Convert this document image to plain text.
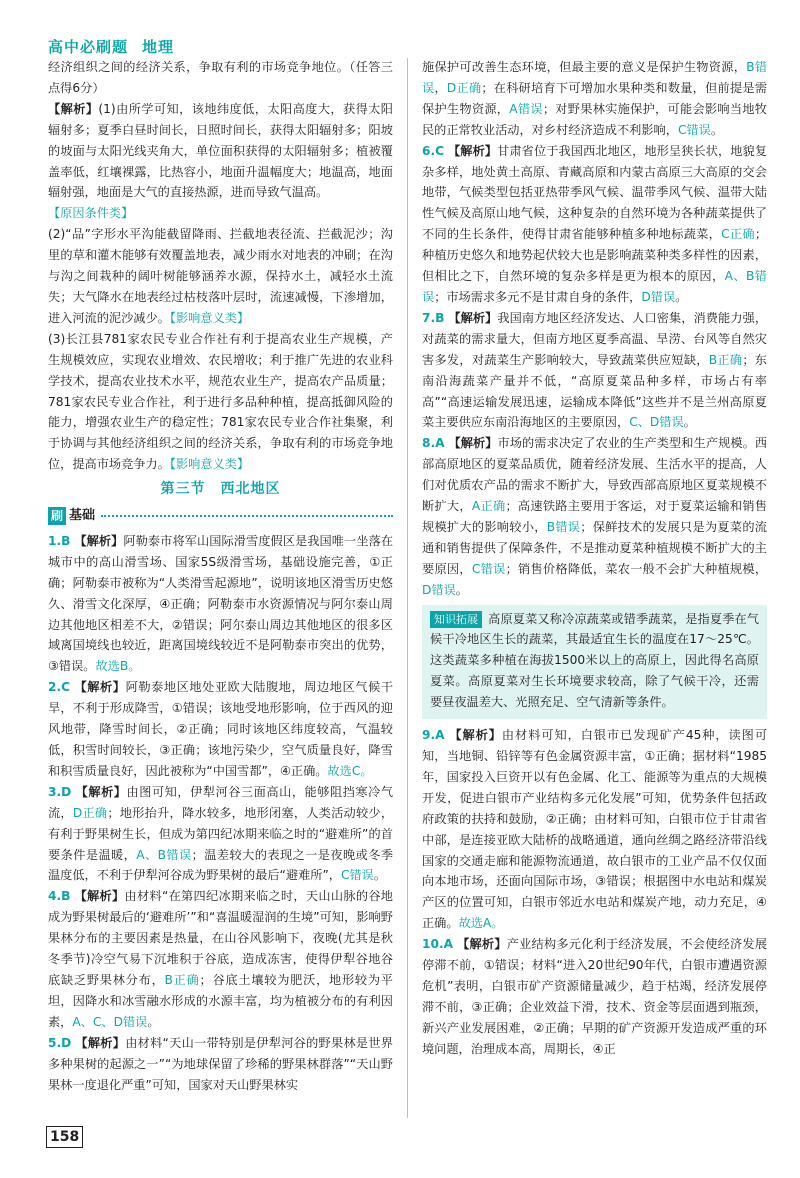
高中必刷题 地理

经济组织之间的经济关系，争取有利的市场竞争地位。（任答三点得6分）

【解析】(1)由所学可知，该地纬度低，太阳高度大，获得太阳辐射多；夏季白昼时间长，日照时间长，获得太阳辐射多；阳坡的坡面与太阳光线夹角大，单位面积获得的太阳辐射多；植被覆盖率低，红壤裸露，比热容小，地面升温幅度大；地温高，地面辐射强，地面是大气的直接热源，进而导致气温高。

【原因条件类】

(2)“品”字形水平沟能截留降雨、拦截地表径流、拦截泥沙；沟里的草和灌木能够有效覆盖地表，减少雨水对地表的冲刷；在沟与沟之间栽种的阔叶树能够涵养水源，保持水土，减轻水土流失；大气降水在地表经过枯枝落叶层时，流速减慢，下渗增加，进入河流的泥沙减少。【影响意义类】

(3)长江县781家农民专业合作社有利于提高农业生产规模，产生规模效应，实现农业增效、农民增收；利于推广先进的农业科学技术，提高农业技术水平，规范农业生产，提高农产品质量；781家农民专业合作社，利于进行多品种种植，提高抵御风险的能力，增强农业生产的稳定性；781家农民专业合作社集聚，利于协调与其他经济组织之间的经济关系，争取有利的市场竞争地位，提高市场竞争力。【影响意义类】

第三节　西北地区
刷 基础

1.B 【解析】阿勒泰市将军山国际滑雪度假区是我国唯一坐落在城市中的高山滑雪场、国家5S级滑雪场，基础设施完善，①正确；阿勒泰市被称为“人类滑雪起源地”，说明该地区滑雪历史悠久、滑雪文化深厚，④正确；阿勒泰市水资源情况与阿尔泰山周边其他地区相差不大，②错误；阿尔泰山周边其他地区的很多区域离国境线也较近，距离国境线较近不是阿勒泰市突出的优势，③错误。故选B。

2.C 【解析】阿勒泰地区地处亚欧大陆腹地，周边地区气候干旱，不利于形成降雪，①错误；该地受地形影响，位于西风的迎风地带，降雪时间长，②正确；同时该地区纬度较高，气温较低，积雪时间较长，③正确；该地污染少，空气质量良好，降雪和积雪质量良好，因此被称为“中国雪都”，④正确。故选C。

3.D 【解析】由图可知，伊犁河谷三面高山，能够阻挡寒冷气流，D正确；地形抬升，降水较多，地形闭塞，人类活动较少，有利于野果树生长，但成为第四纪冰期来临之时的“避难所”的首要条件是温暖，A、B错误；温差较大的表现之一是夜晚或冬季温度低，不利于伊犁河谷成为野果树的最后“避难所”，C错误。

4.B 【解析】由材料“在第四纪冰期来临之时，天山山脉的谷地成为野果树最后的‘避难所’”和“喜温暖湿润的生境”可知，影响野果林分布的主要因素是热量，在山谷风影响下，夜晚(尤其是秋冬季节)冷空气易下沉堆积于谷底，造成冻害，使得伊犁谷地谷底缺乏野果林分布，B正确；谷底土壤较为肥沃，地形较为平坦，因降水和冰雪融水形成的水源丰富，均为植被分布的有利因素，A、C、D错误。

5.D 【解析】由材料“天山一带特别是伊犁河谷的野果林是世界多种果树的起源之一”“为地球保留了珍稀的野果林群落”“天山野果林一度退化严重”可知，国家对天山野果林实

施保护可改善生态环境，但最主要的意义是保护生物资源，B错误，D正确；在科研培育下可增加水果种类和数量，但前提是需保护生物资源，A错误；对野果林实施保护，可能会影响当地牧民的正常牧业活动，对乡村经济造成不利影响，C错误。

6.C 【解析】甘肃省位于我国西北地区，地形呈狭长状，地貌复杂多样，地处黄土高原、青藏高原和内蒙古高原三大高原的交会地带，气候类型包括亚热带季风气候、温带季风气候、温带大陆性气候及高原山地气候，这种复杂的自然环境为各种蔬菜提供了不同的生长条件，使得甘肃省能够种植多种地标蔬菜，C正确；种植历史悠久和地势起伏较大也是影响蔬菜种类多样性的因素，但相比之下，自然环境的复杂多样是更为根本的原因，A、B错误；市场需求多元不是甘肃自身的条件，D错误。

7.B 【解析】我国南方地区经济发达、人口密集，消费能力强，对蔬菜的需求量大，但南方地区夏季高温、旱涝、台风等自然灾害多发，对蔬菜生产影响较大，导致蔬菜供应短缺，B正确；东南沿海蔬菜产量并不低，“高原夏菜品种多样，市场占有率高”“高速运输发展迅速，运输成本降低”这些并不是兰州高原夏菜主要供应东南沿海地区的主要原因，C、D错误。

8.A 【解析】市场的需求决定了农业的生产类型和生产规模。西部高原地区的夏菜品质优，随着经济发展、生活水平的提高，人们对优质农产品的需求不断扩大，导致西部高原地区夏菜规模不断扩大，A正确；高速铁路主要用于客运，对于夏菜运输和销售规模扩大的影响较小，B错误；保鲜技术的发展只是为夏菜的流通和销售提供了保障条件，不是推动夏菜种植规模不断扩大的主要原因，C错误；销售价格降低，菜农一般不会扩大种植规模，D错误。

知识拓展 高原夏菜又称冷凉蔬菜或错季蔬菜，是指夏季在气候干冷地区生长的蔬菜，其最适宜生长的温度在17～25℃。这类蔬菜多种植在海拔1500米以上的高原上，因此得名高原夏菜。高原夏菜对生长环境要求较高，除了气候干冷，还需要昼夜温差大、光照充足、空气清新等条件。

9.A 【解析】由材料可知，白银市已发现矿产45种，读图可知，当地铜、铅锌等有色金属资源丰富，①正确；据材料“1985年，国家投入巨资开以有色金属、化工、能源等为重点的大规模开发，促进白银市产业结构多元化发展”可知，优势条件包括政府政策的扶持和鼓励，②正确；由材料可知，白银市位于甘肃省中部，是连接亚欧大陆桥的战略通道，通向丝绸之路经济带沿线国家的交通走廊和能源物流通道，故白银市的工业产品不仅仅面向本地市场，还面向国际市场，③错误；根据图中水电站和煤炭产区的位置可知，白银市邻近水电站和煤炭产地，动力充足，④正确。故选A。

10.A 【解析】产业结构多元化利于经济发展，不会使经济发展停滞不前，①错误；材料“进入20世纪90年代，白银市遭遇资源危机”表明，白银市矿产资源储量减少，趋于枯竭，经济发展停滞不前，③正确；企业效益下滑，技术、资金等层面遇到瓶颈，新兴产业发展困难，②正确；早期的矿产资源开发造成严重的环境问题，治理成本高，周期长，④正

158
